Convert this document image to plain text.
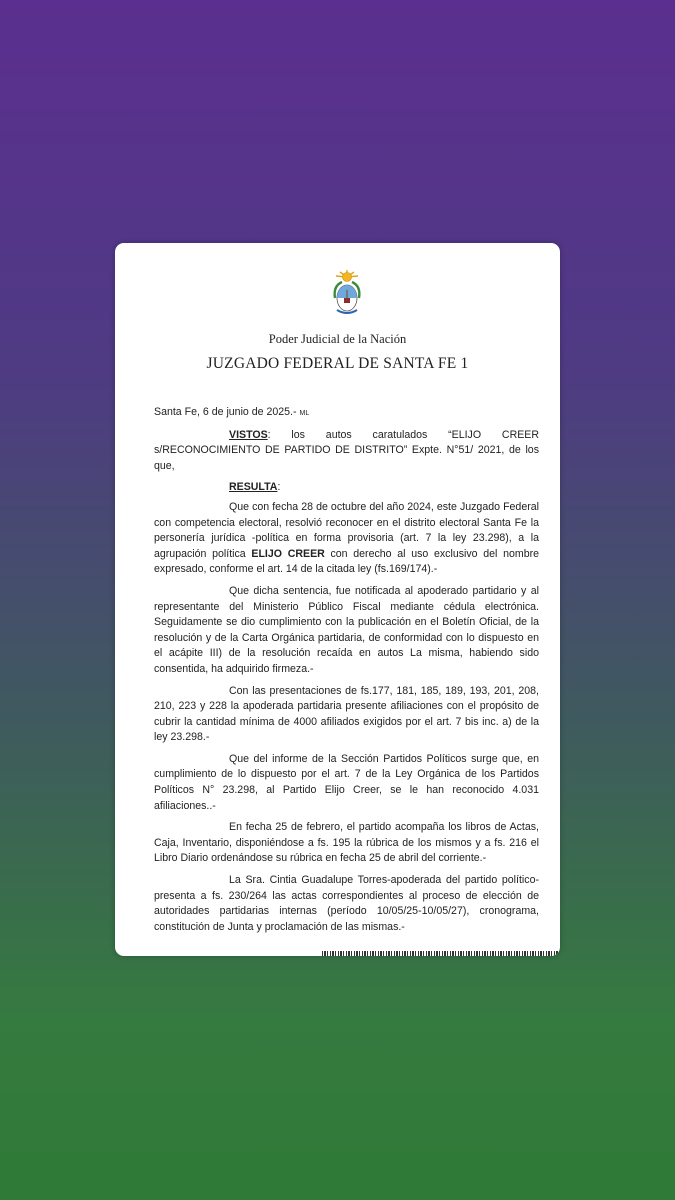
Poder Judicial de la Nación
JUZGADO FEDERAL DE SANTA FE 1
Santa Fe, 6 de junio de 2025.- ML

VISTOS: los autos caratulados “ELIJO CREER s/RECONOCIMIENTO DE PARTIDO DE DISTRITO” Expte. N°51/ 2021, de los que,

RESULTA:

Que con fecha 28 de octubre del año 2024, este Juzgado Federal con competencia electoral, resolvió reconocer en el distrito electoral Santa Fe la personería jurídica -política en forma provisoria (art. 7 la ley 23.298), a la agrupación política ELIJO CREER con derecho al uso exclusivo del nombre expresado, conforme el art. 14 de la citada ley (fs.169/174).-

Que dicha sentencia, fue notificada al apoderado partidario y al representante del Ministerio Público Fiscal mediante cédula electrónica. Seguidamente se dio cumplimiento con la publicación en el Boletín Oficial, de la resolución y de la Carta Orgánica partidaria, de conformidad con lo dispuesto en el acápite III) de la resolución recaída en autos La misma, habiendo sido consentida, ha adquirido firmeza.-

Con las presentaciones de fs.177, 181, 185, 189, 193, 201, 208, 210, 223 y 228 la apoderada partidaria presente afiliaciones con el propósito de cubrir la cantidad mínima de 4000 afiliados exigidos por el art. 7 bis inc. a) de la ley 23.298.-

Que del informe de la Sección Partidos Políticos surge que, en cumplimiento de lo dispuesto por el art. 7 de la Ley Orgánica de los Partidos Políticos N° 23.298, al Partido Elijo Creer, se le han reconocido 4.031 afiliaciones..-

En fecha 25 de febrero, el partido acompaña los libros de Actas, Caja, Inventario, disponiéndose a fs. 195 la rúbrica de los mismos y a fs. 216 el Libro Diario ordenándose su rúbrica en fecha 25 de abril del corriente.-

La Sra. Cintia Guadalupe Torres-apoderada del partido político-presenta a fs. 230/264 las actas correspondientes al proceso de elección de autoridades partidarias internas (período 10/05/25-10/05/27), cronograma, constitución de Junta y proclamación de las mismas.-
